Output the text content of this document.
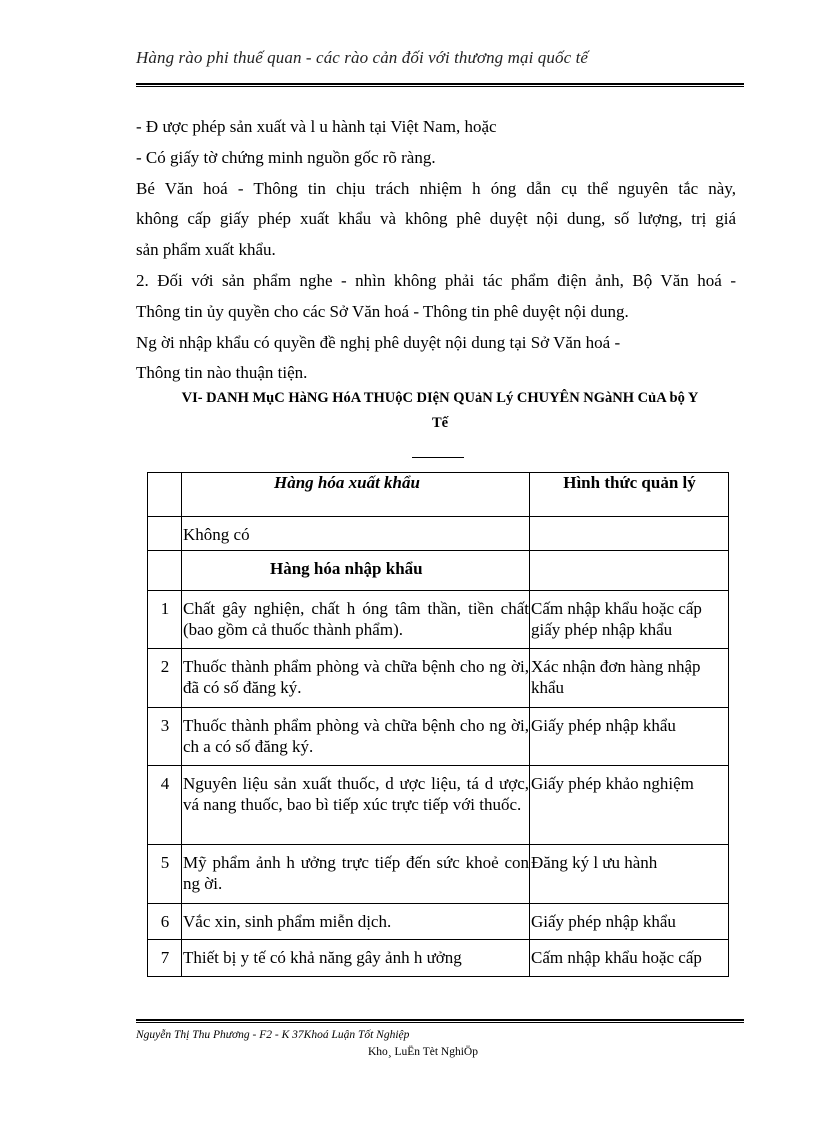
Hàng rào phi thuế quan - các rào cản đối với thương mại quốc tế

- Đ ược phép sản xuất và l u hành tại Việt Nam, hoặc

- Có giấy tờ chứng minh nguồn gốc rõ ràng.

Bé Văn hoá - Thông tin chịu trách nhiệm h óng dẫn cụ thể nguyên tắc này,

không cấp giấy phép xuất khẩu và không phê duyệt nội dung, số lượng, trị giá

sản phẩm xuất khẩu.

2. Đối với sản phẩm nghe - nhìn không phải tác phẩm điện ảnh, Bộ Văn hoá -

Thông tin ủy quyền cho các Sở Văn hoá - Thông tin phê duyệt nội dung.

Ng ời nhập khẩu có quyền đề nghị phê duyệt nội dung tại Sở Văn hoá -

Thông tin nào thuận tiện.

VI- DANH MụC HàNG HóA THUộC DIệN QUảN Lý CHUYÊN NGàNH CủA bộ Y
Tế
	Hàng hóa xuất khẩu	Hình thức quản lý
	Không có	
	Hàng hóa nhập khẩu	
1	Chất gây nghiện, chất h óng tâm thần, tiền chất (bao gồm cả thuốc thành phẩm).	Cấm nhập khẩu hoặc cấp giấy phép nhập khẩu
2	Thuốc thành phẩm phòng và chữa bệnh cho ng ời, đã có số đăng ký.	Xác nhận đơn hàng nhập khẩu
3	Thuốc thành phẩm phòng và chữa bệnh cho ng ời, ch a có số đăng ký.	Giấy phép nhập khẩu
4	Nguyên liệu sản xuất thuốc, d ược liệu, tá d ược, vá nang thuốc, bao bì tiếp xúc trực tiếp với thuốc.	Giấy phép khảo nghiệm
5	Mỹ phẩm ảnh h ưởng trực tiếp đến sức khoẻ con ng ời.	Đăng ký l ưu hành
6	Vắc xin, sinh phẩm miễn dịch.	Giấy phép nhập khẩu
7	Thiết bị y tế có khả năng gây ảnh h ưởng	Cấm nhập khẩu hoặc cấp
Nguyễn Thị Thu Phương - F2 - K 37Khoá Luận Tốt Nghiệp
Kho¸ LuËn Tèt NghiÖp
